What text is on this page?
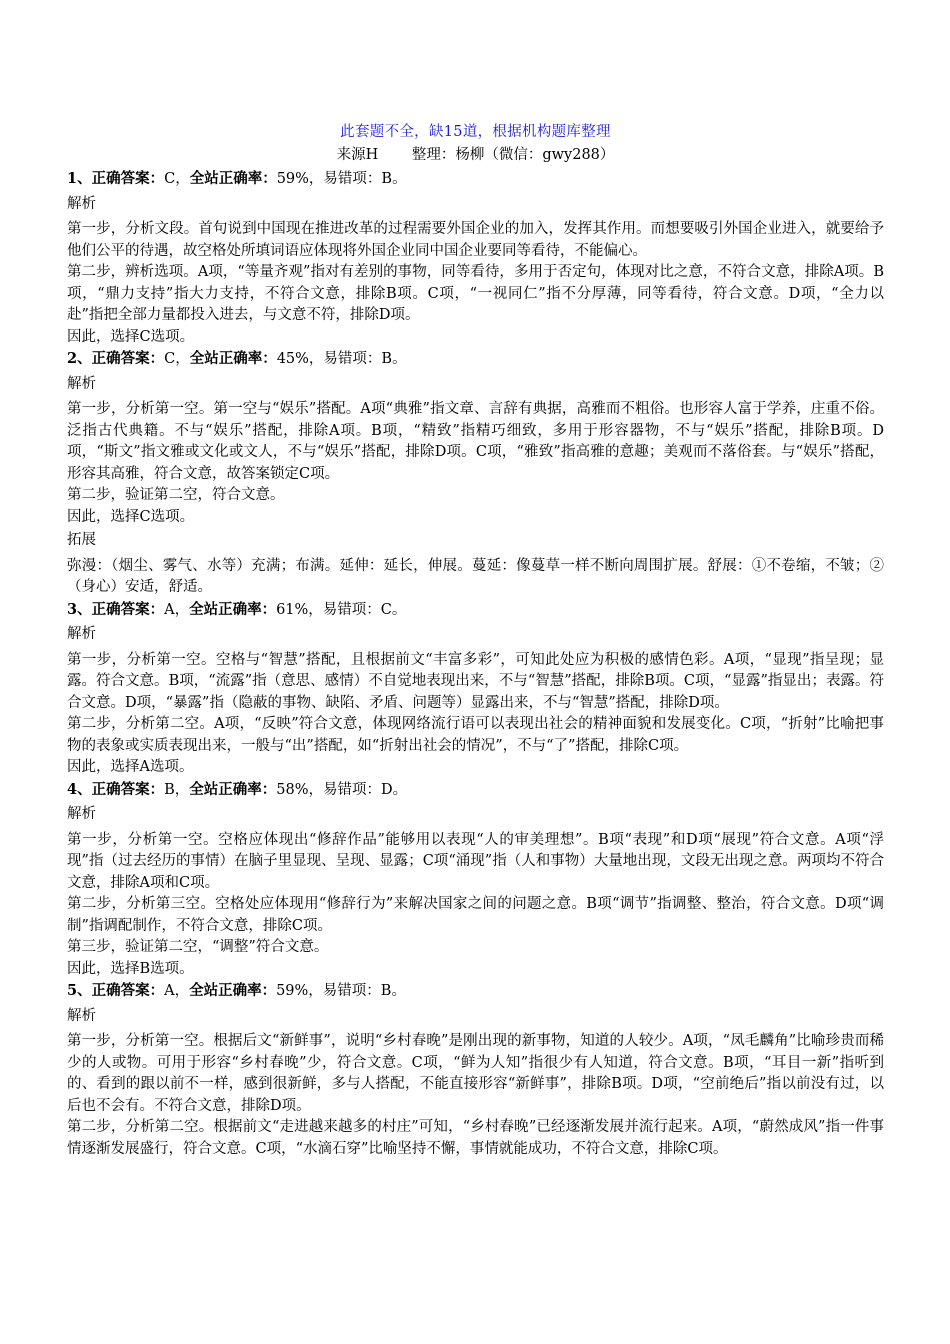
此套题不全，缺15道，根据机构题库整理
来源H　　 整理：杨柳（微信：gwy288）
1、正确答案：C，全站正确率：59%，易错项：B。
解析
第一步，分析文段。首句说到中国现在推进改革的过程需要外国企业的加入，发挥其作用。而想要吸引外国企业进入，就要给予他们公平的待遇，故空格处所填词语应体现将外国企业同中国企业要同等看待，不能偏心。
第二步，辨析选项。A项，“等量齐观”指对有差别的事物，同等看待，多用于否定句，体现对比之意，不符合文意，排除A项。B项，“鼎力支持”指大力支持，不符合文意，排除B项。C项，“一视同仁”指不分厚薄，同等看待，符合文意。D项，“全力以赴”指把全部力量都投入进去，与文意不符，排除D项。
因此，选择C选项。
2、正确答案：C，全站正确率：45%，易错项：B。
解析
第一步，分析第一空。第一空与“娱乐”搭配。A项“典雅”指文章、言辞有典据，高雅而不粗俗。也形容人富于学养，庄重不俗。泛指古代典籍。不与“娱乐”搭配，排除A项。B项，“精致”指精巧细致，多用于形容器物，不与“娱乐”搭配，排除B项。D项，“斯文”指文雅或文化或文人，不与“娱乐”搭配，排除D项。C项，“雅致”指高雅的意趣；美观而不落俗套。与“娱乐”搭配，形容其高雅，符合文意，故答案锁定C项。
第二步，验证第二空，符合文意。
因此，选择C选项。
拓展
弥漫：（烟尘、雾气、水等）充满；布满。延伸：延长，伸展。蔓延：像蔓草一样不断向周围扩展。舒展：①不卷缩，不皱；②（身心）安适，舒适。
3、正确答案：A，全站正确率：61%，易错项：C。
解析
第一步，分析第一空。空格与“智慧”搭配，且根据前文“丰富多彩”，可知此处应为积极的感情色彩。A项，“显现”指呈现；显露。符合文意。B项，“流露”指（意思、感情）不自觉地表现出来，不与“智慧”搭配，排除B项。C项，“显露”指显出；表露。符合文意。D项，“暴露”指（隐蔽的事物、缺陷、矛盾、问题等）显露出来，不与“智慧”搭配，排除D项。
第二步，分析第二空。A项，“反映”符合文意，体现网络流行语可以表现出社会的精神面貌和发展变化。C项，“折射”比喻把事物的表象或实质表现出来，一般与“出”搭配，如“折射出社会的情况”，不与“了”搭配，排除C项。
因此，选择A选项。
4、正确答案：B，全站正确率：58%，易错项：D。
解析
第一步，分析第一空。空格应体现出“修辞作品”能够用以表现“人的审美理想”。B项“表现”和D项“展现”符合文意。A项“浮现”指（过去经历的事情）在脑子里显现、呈现、显露；C项“涌现”指（人和事物）大量地出现，文段无出现之意。两项均不符合文意，排除A项和C项。
第二步，分析第三空。空格处应体现用“修辞行为”来解决国家之间的问题之意。B项“调节”指调整、整治，符合文意。D项“调制”指调配制作，不符合文意，排除C项。
第三步，验证第二空，“调整”符合文意。
因此，选择B选项。
5、正确答案：A，全站正确率：59%，易错项：B。
解析
第一步，分析第一空。根据后文“新鲜事”，说明“乡村春晚”是刚出现的新事物，知道的人较少。A项，“凤毛麟角”比喻珍贵而稀少的人或物。可用于形容“乡村春晚”少，符合文意。C项，“鲜为人知”指很少有人知道，符合文意。B项，“耳目一新”指听到的、看到的跟以前不一样，感到很新鲜，多与人搭配，不能直接形容“新鲜事”，排除B项。D项，“空前绝后”指以前没有过，以后也不会有。不符合文意，排除D项。
第二步，分析第二空。根据前文“走进越来越多的村庄”可知，“乡村春晚”已经逐渐发展并流行起来。A项，“蔚然成风”指一件事情逐渐发展盛行，符合文意。C项，“水滴石穿”比喻坚持不懈，事情就能成功，不符合文意，排除C项。
